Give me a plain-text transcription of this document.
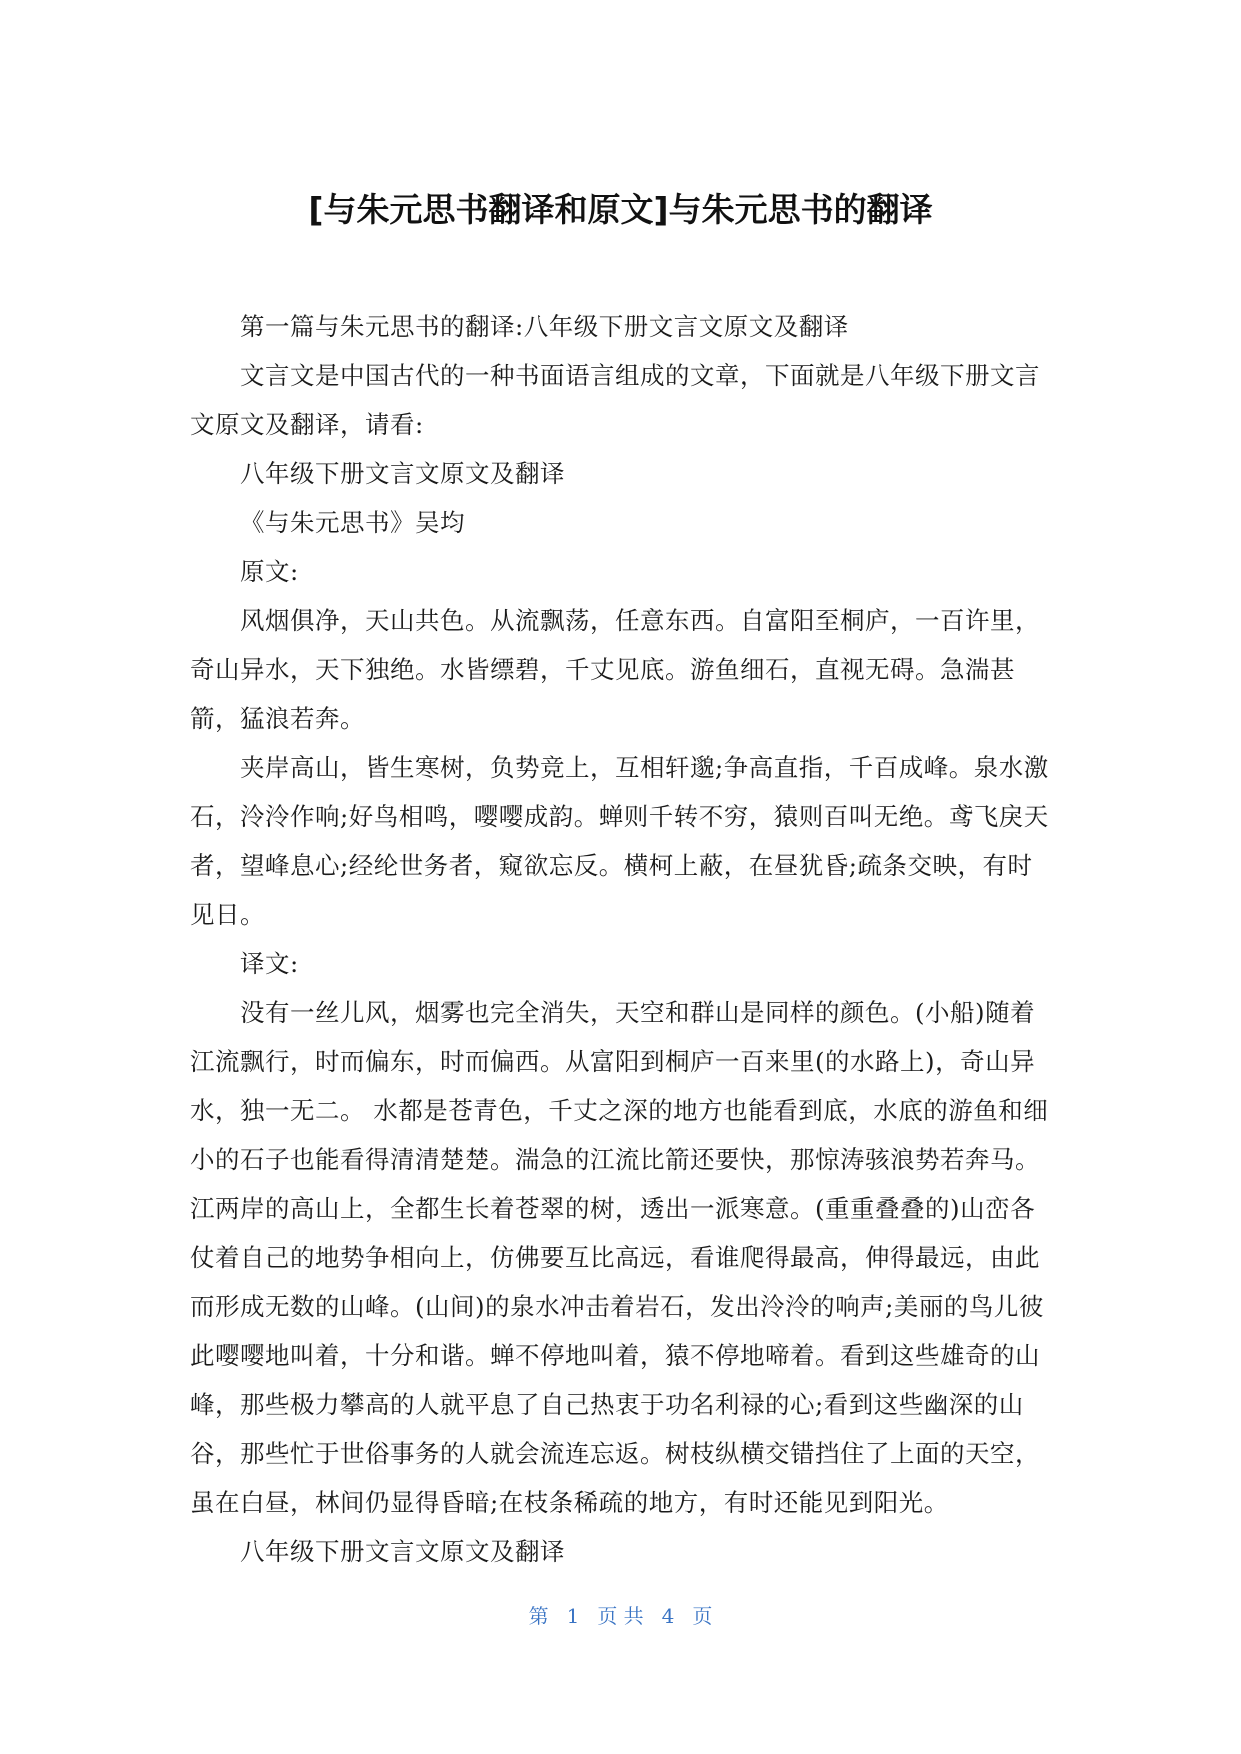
[与朱元思书翻译和原文]与朱元思书的翻译

第一篇与朱元思书的翻译:八年级下册文言文原文及翻译

文言文是中国古代的一种书面语言组成的文章，下面就是八年级下册文言文原文及翻译，请看:

八年级下册文言文原文及翻译

《与朱元思书》吴均

原文:

风烟俱净，天山共色。从流飘荡，任意东西。自富阳至桐庐，一百许里，奇山异水，天下独绝。水皆缥碧，千丈见底。游鱼细石，直视无碍。急湍甚箭，猛浪若奔。

夹岸高山，皆生寒树，负势竞上，互相轩邈;争高直指，千百成峰。泉水激石，泠泠作响;好鸟相鸣，嘤嘤成韵。蝉则千转不穷，猿则百叫无绝。鸢飞戾天者，望峰息心;经纶世务者，窥欲忘反。横柯上蔽，在昼犹昏;疏条交映，有时见日。

译文:

没有一丝儿风，烟雾也完全消失，天空和群山是同样的颜色。(小船)随着江流飘行，时而偏东，时而偏西。从富阳到桐庐一百来里(的水路上)，奇山异水，独一无二。 水都是苍青色，千丈之深的地方也能看到底，水底的游鱼和细小的石子也能看得清清楚楚。湍急的江流比箭还要快，那惊涛骇浪势若奔马。江两岸的高山上，全都生长着苍翠的树，透出一派寒意。(重重叠叠的)山峦各仗着自己的地势争相向上，仿佛要互比高远，看谁爬得最高，伸得最远，由此而形成无数的山峰。(山间)的泉水冲击着岩石，发出泠泠的响声;美丽的鸟儿彼此嘤嘤地叫着，十分和谐。蝉不停地叫着，猿不停地啼着。看到这些雄奇的山峰，那些极力攀高的人就平息了自己热衷于功名利禄的心;看到这些幽深的山谷，那些忙于世俗事务的人就会流连忘返。树枝纵横交错挡住了上面的天空，虽在白昼，林间仍显得昏暗;在枝条稀疏的地方，有时还能见到阳光。

八年级下册文言文原文及翻译

第 1 页 共 4 页
